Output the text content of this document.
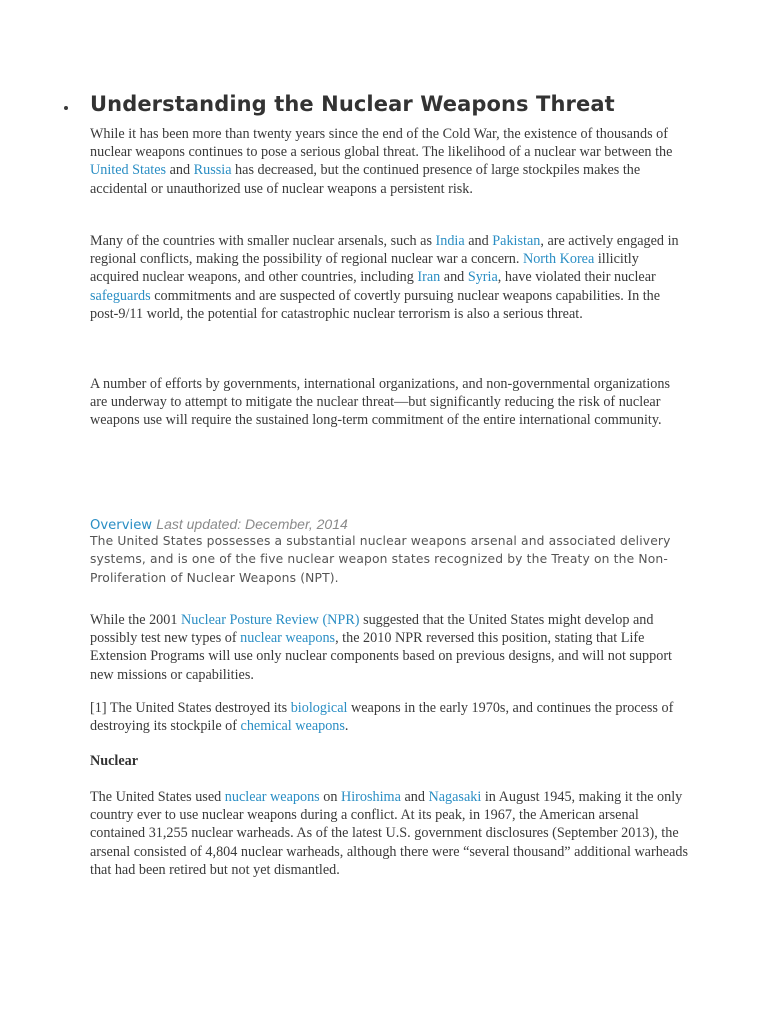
Understanding the Nuclear Weapons Threat

While it has been more than twenty years since the end of the Cold War, the existence of thousands of nuclear weapons continues to pose a serious global threat. The likelihood of a nuclear war between the United States and Russia has decreased, but the continued presence of large stockpiles makes the accidental or unauthorized use of nuclear weapons a persistent risk.

Many of the countries with smaller nuclear arsenals, such as India and Pakistan, are actively engaged in regional conflicts, making the possibility of regional nuclear war a concern. North Korea illicitly acquired nuclear weapons, and other countries, including Iran and Syria, have violated their nuclear safeguards commitments and are suspected of covertly pursuing nuclear weapons capabilities. In the post-9/11 world, the potential for catastrophic nuclear terrorism is also a serious threat.

A number of efforts by governments, international organizations, and non-governmental organizations are underway to attempt to mitigate the nuclear threat—but significantly reducing the risk of nuclear weapons use will require the sustained long-term commitment of the entire international community.

Overview Last updated: December, 2014

The United States possesses a substantial nuclear weapons arsenal and associated delivery systems, and is one of the five nuclear weapon states recognized by the Treaty on the Non-Proliferation of Nuclear Weapons (NPT).

While the 2001 Nuclear Posture Review (NPR) suggested that the United States might develop and possibly test new types of nuclear weapons, the 2010 NPR reversed this position, stating that Life Extension Programs will use only nuclear components based on previous designs, and will not support new missions or capabilities.

[1] The United States destroyed its biological weapons in the early 1970s, and continues the process of destroying its stockpile of chemical weapons.

Nuclear

The United States used nuclear weapons on Hiroshima and Nagasaki in August 1945, making it the only country ever to use nuclear weapons during a conflict. At its peak, in 1967, the American arsenal contained 31,255 nuclear warheads. As of the latest U.S. government disclosures (September 2013), the arsenal consisted of 4,804 nuclear warheads, although there were “several thousand” additional warheads that had been retired but not yet dismantled.
